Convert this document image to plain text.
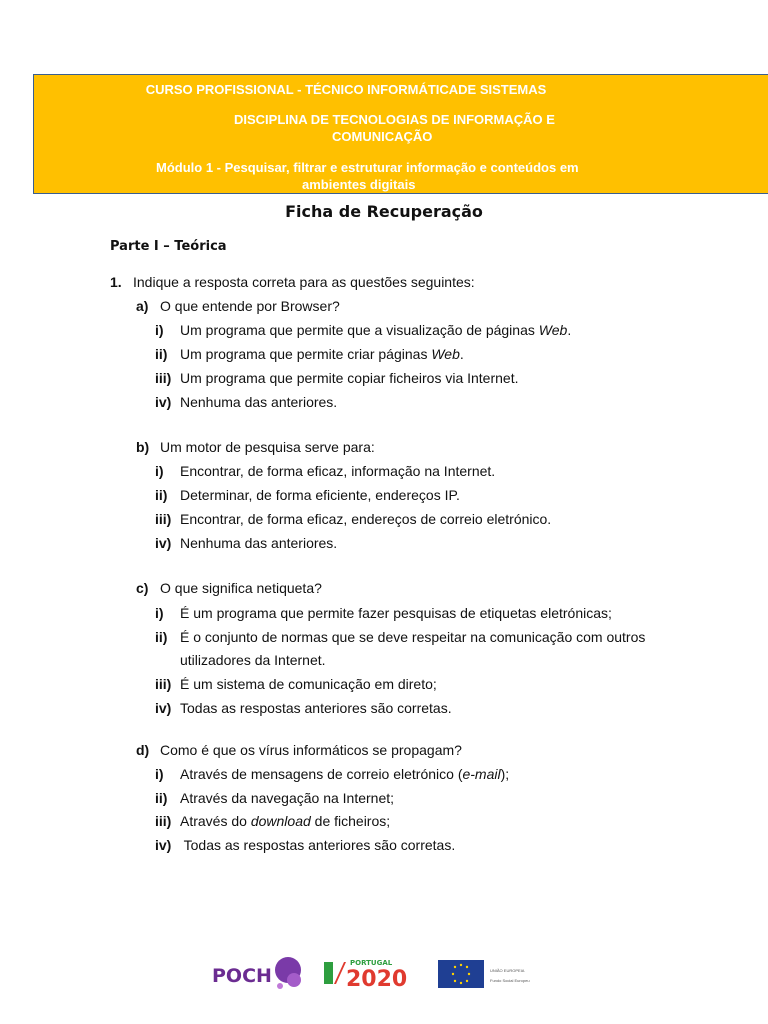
CURSO PROFISSIONAL - TÉCNICO INFORMÁTICADE SISTEMAS
DISCIPLINA DE TECNOLOGIAS DE INFORMAÇÃO E
COMUNICAÇÃO
Módulo 1 - Pesquisar, filtrar e estruturar informação e conteúdos em
ambientes digitais
Ficha de Recuperação
Parte I – Teórica
1. Indique a resposta correta para as questões seguintes:
a) O que entende por Browser?
i) Um programa que permite que a visualização de páginas Web.
ii) Um programa que permite criar páginas Web.
iii) Um programa que permite copiar ficheiros via Internet.
iv) Nenhuma das anteriores.
b) Um motor de pesquisa serve para:
i) Encontrar, de forma eficaz, informação na Internet.
ii) Determinar, de forma eficiente, endereços IP.
iii) Encontrar, de forma eficaz, endereços de correio eletrónico.
iv) Nenhuma das anteriores.
c) O que significa netiqueta?
i) É um programa que permite fazer pesquisas de etiquetas eletrónicas;
ii) É o conjunto de normas que se deve respeitar na comunicação com outros
utilizadores da Internet.
iii) É um sistema de comunicação em direto;
iv) Todas as respostas anteriores são corretas.
d) Como é que os vírus informáticos se propagam?
i) Através de mensagens de correio eletrónico (e-mail);
ii) Através da navegação na Internet;
iii) Através do download de ficheiros;
iv) Todas as respostas anteriores são corretas.
POCH
PORTUGAL
2020	UNIÃO EUROPEIA
Fundo Social Europeu
